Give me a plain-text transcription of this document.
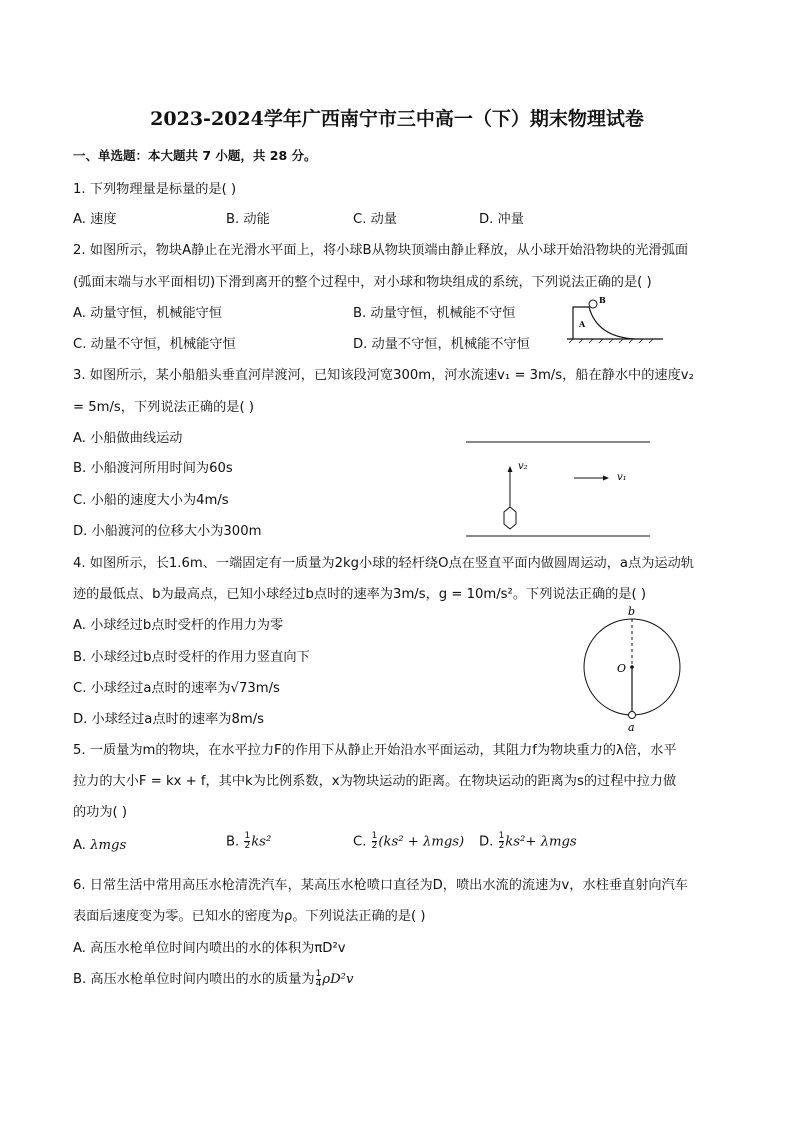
2023-2024学年广西南宁市三中高一（下）期末物理试卷
一、单选题：本大题共 7 小题，共 28 分。
1. 下列物理量是标量的是( )
A. 速度	B. 动能	C. 动量	D. 冲量
2. 如图所示，物块A静止在光滑水平面上，将小球B从物块顶端由静止释放，从小球开始沿物块的光滑弧面
(弧面末端与水平面相切)下滑到离开的整个过程中，对小球和物块组成的系统，下列说法正确的是( )
A. 动量守恒，机械能守恒	B. 动量守恒，机械能不守恒
C. 动量不守恒，机械能守恒	D. 动量不守恒，机械能不守恒
B
A
3. 如图所示，某小船船头垂直河岸渡河，已知该段河宽300m，河水流速v₁ = 3m/s，船在静水中的速度v₂
= 5m/s，下列说法正确的是( )
A. 小船做曲线运动
B. 小船渡河所用时间为60s
C. 小船的速度大小为4m/s
D. 小船渡河的位移大小为300m
v₂
v₁
4. 如图所示，长1.6m、一端固定有一质量为2kg小球的轻杆绕O点在竖直平面内做圆周运动，a点为运动轨
迹的最低点、b为最高点，已知小球经过b点时的速率为3m/s，g = 10m/s²。下列说法正确的是( )
A. 小球经过b点时受杆的作用力为零
B. 小球经过b点时受杆的作用力竖直向下
C. 小球经过a点时的速率为√73m/s
D. 小球经过a点时的速率为8m/s
b
O
a
5. 一质量为m的物块，在水平拉力F的作用下从静止开始沿水平面运动，其阻力f为物块重力的λ倍，水平
拉力的大小F = kx + f，其中k为比例系数，x为物块运动的距离。在物块运动的距离为s的过程中拉力做
的功为( )
A. λmgs	B. $\frac{1}{2} ks^2$	C. $\frac{1}{2} (ks^2 + \lambda mgs)$ D. $\frac{1}{2} ks^2+ \lambda mgs$
6. 日常生活中常用高压水枪清洗汽车，某高压水枪喷口直径为D，喷出水流的流速为v，水柱垂直射向汽车
表面后速度变为零。已知水的密度为ρ。下列说法正确的是( )
A. 高压水枪单位时间内喷出的水的体积为πD²v
B. 高压水枪单位时间内喷出的水的质量为 $\frac{1}{4} \rho D^2v$
